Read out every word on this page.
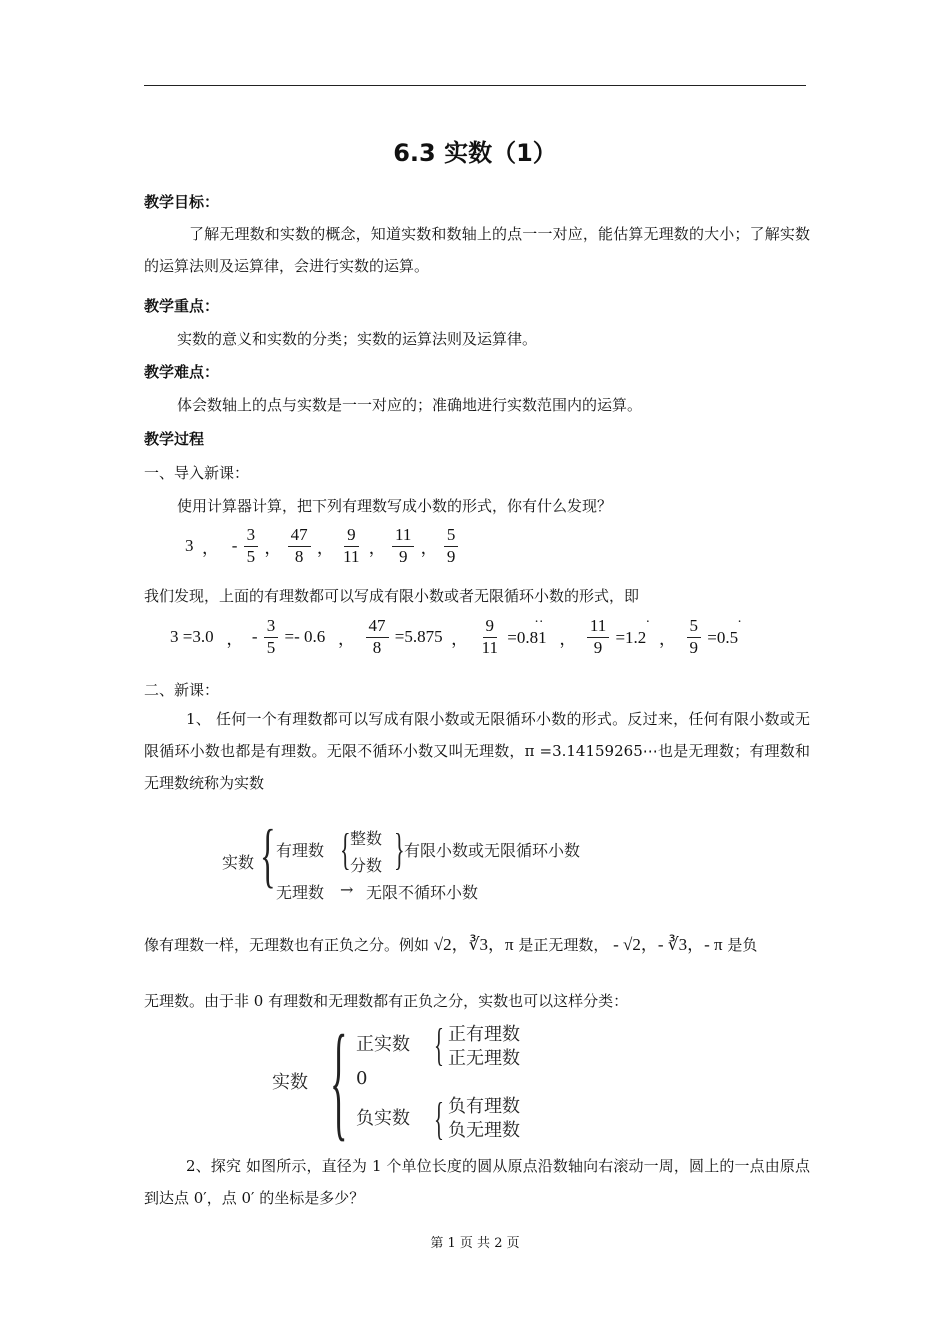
6.3 实数（1）
教学目标：
了解无理数和实数的概念，知道实数和数轴上的点一一对应，能估算无理数的大小；了解实数的运算法则及运算律，会进行实数的运算。
教学重点：
实数的意义和实数的分类；实数的运算法则及运算律。
教学难点：
体会数轴上的点与实数是一一对应的；准确地进行实数范围内的运算。
教学过程
一、导入新课：
使用计算器计算，把下列有理数写成小数的形式，你有什么发现？
3  ，   - $\frac{3}{5}$ ， $\frac{47}{8}$ ， $\frac{9}{11}$ ， $\frac{11}{9}$ ， $\frac{5}{9}$
我们发现，上面的有理数都可以写成有限小数或者无限循环小数的形式，即
3 =3.0   ，  - $\frac{3}{5} =- 0.6$   ， $\frac{47}{8} =5.875$  ， $\frac{9}{11} =0.81$
··
， $\frac{11}{9} =1.2$
·
， $\frac{5}{9} =0.5$
·
二、新课：
1、 任何一个有理数都可以写成有限小数或无限循环小数的形式。反过来，任何有限小数或无限循环小数也都是有理数。无限不循环小数又叫无理数，π =3.14159265⋯也是无理数；有理数和无理数统称为实数
实数 { 有理数 { 整数
分数 } 有限小数或无限循环小数
无理数 → 无限不循环小数
像有理数一样，无理数也有正负之分。例如 √2，∛3，π 是正无理数， - √2，- ∛3，- π 是负
无理数。由于非 0 有理数和无理数都有正负之分，实数也可以这样分类：
实数 { 正实数 { 正有理数
正无理数
0
负实数 { 负有理数
负无理数
2、探究 如图所示，直径为 1 个单位长度的圆从原点沿数轴向右滚动一周，圆上的一点由原点到达点 0′，点 0′ 的坐标是多少？
第 1 页 共 2 页
